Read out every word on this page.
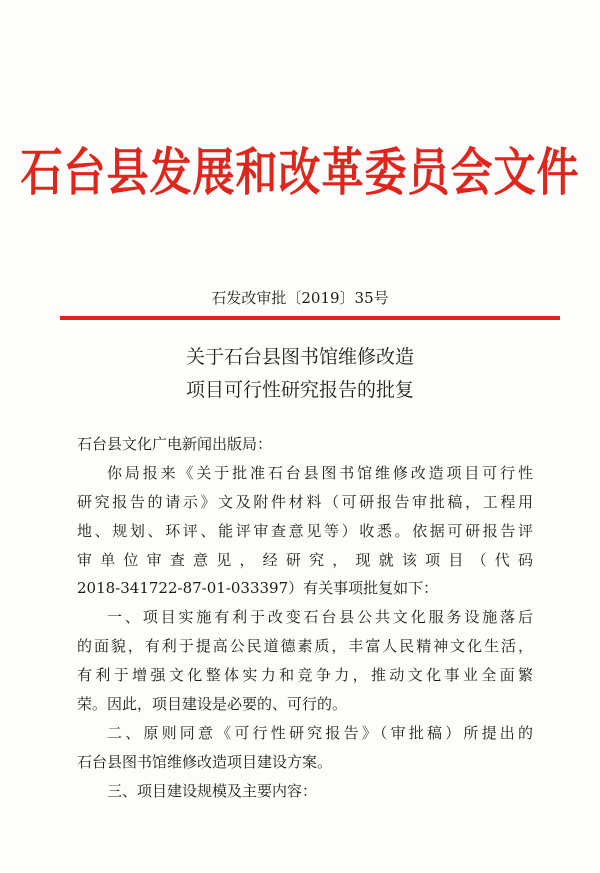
石台县发展和改革委员会文件
石发改审批〔2019〕35号
关于石台县图书馆维修改造
项目可行性研究报告的批复
石台县文化广电新闻出版局：
你局报来《关于批准石台县图书馆维修改造项目可行性
研究报告的请示》文及附件材料（可研报告审批稿，工程用
地、规划、环评、能评审查意见等）收悉。依据可研报告评
审单位审查意见，经研究，现就该项目（代码
2018-341722-87-01-033397）有关事项批复如下：
一、项目实施有利于改变石台县公共文化服务设施落后
的面貌，有利于提高公民道德素质，丰富人民精神文化生活，
有利于增强文化整体实力和竞争力，推动文化事业全面繁
荣。因此，项目建设是必要的、可行的。
二、原则同意《可行性研究报告》（审批稿）所提出的
石台县图书馆维修改造项目建设方案。
三、项目建设规模及主要内容：
